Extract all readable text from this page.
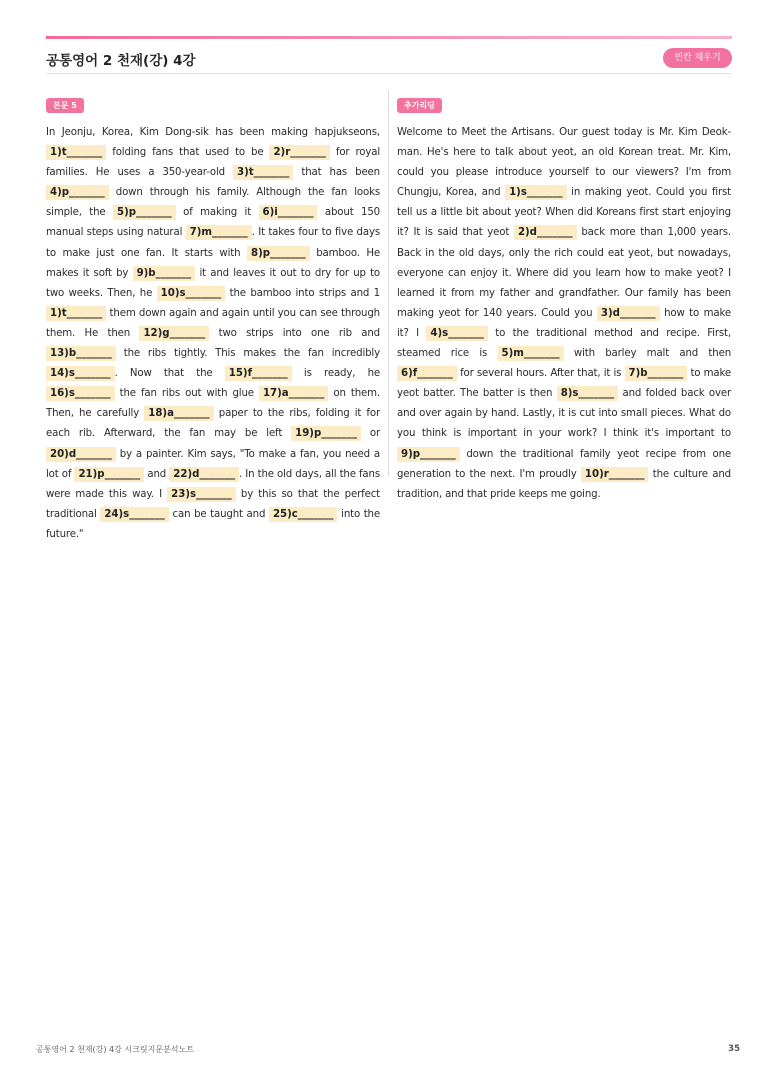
공통영어 2 천재(강) 4강	빈칸 채우기
본문 5
In Jeonju, Korea, Kim Dong-sik has been making hapjukseons, 1)t_______ folding fans that used to be 2)r_______ for royal families. He uses a 350-year-old 3)t_______ that has been 4)p_______ down through his family. Although the fan looks simple, the 5)p_______ of making it 6)i_______ about 150 manual steps using natural 7)m_______ . It takes four to five days to make just one fan. It starts with 8)p_______ bamboo. He makes it soft by 9)b_______ it and leaves it out to dry for up to two weeks. Then, he 10)s_______ the bamboo into strips and 1 1)t_______ them down again and again until you can see through them. He then 12)g_______ two strips into one rib and 13)b_______ the ribs tightly. This makes the fan incredibly 14)s_______ . Now that the 15)f_______ is ready, he 16)s_______ the fan ribs out with glue 17)a_______ on them. Then, he carefully 18)a_______ paper to the ribs, folding it for each rib. Afterward, the fan may be left 19)p_______ or 20)d_______ by a painter. Kim says, "To make a fan, you need a lot of 21)p_______ and 22)d_______ . In the old days, all the fans were made this way. I 23)s_______ by this so that the perfect traditional 24)s_______ can be taught and 25)c_______ into the future."
추가리딩
Welcome to Meet the Artisans. Our guest today is Mr. Kim Deok-man. He's here to talk about yeot, an old Korean treat. Mr. Kim, could you please introduce yourself to our viewers? I'm from Chungju, Korea, and 1)s_______ in making yeot. Could you first tell us a little bit about yeot? When did Koreans first start enjoying it? It is said that yeot 2)d_______ back more than 1,000 years. Back in the old days, only the rich could eat yeot, but nowadays, everyone can enjoy it. Where did you learn how to make yeot? I learned it from my father and grandfather. Our family has been making yeot for 140 years. Could you 3)d_______ how to make it? I 4)s_______ to the traditional method and recipe. First, steamed rice is 5)m_______ with barley malt and then 6)f_______ for several hours. After that, it is 7)b_______ to make yeot batter. The batter is then 8)s_______ and folded back over and over again by hand. Lastly, it is cut into small pieces. What do you think is important in your work? I think it's important to 9)p_______ down the traditional family yeot recipe from one generation to the next. I'm proudly 10)r_______ the culture and tradition, and that pride keeps me going.
공통영어 2 천재(강) 4강 시크릿지문분석노트	35
